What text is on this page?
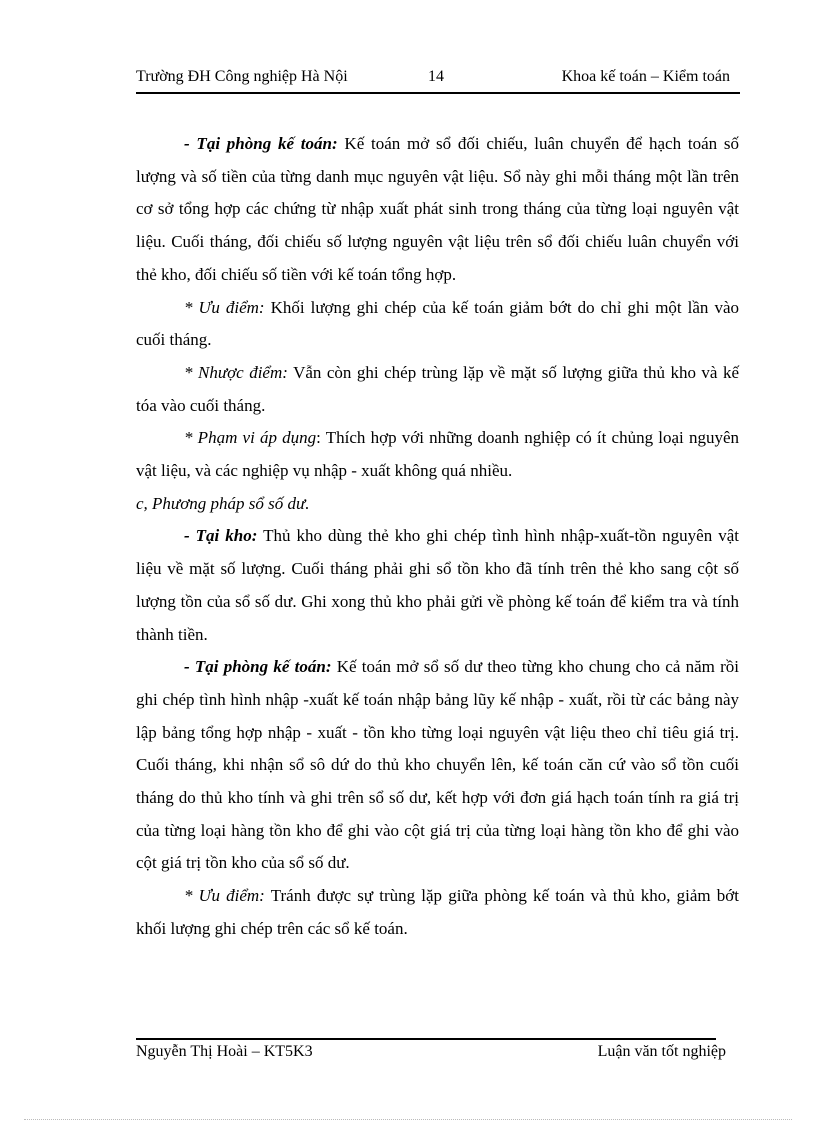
Trường ĐH Công nghiệp Hà Nội	14	Khoa kế toán – Kiểm toán

- Tại phòng kế toán: Kế toán mở sổ đối chiếu, luân chuyển để hạch toán số lượng và số tiền của từng danh mục nguyên vật liệu. Sổ này ghi mỗi tháng một lần trên cơ sở tổng hợp các chứng từ nhập xuất phát sinh trong tháng của từng loại nguyên vật liệu. Cuối tháng, đối chiếu số lượng nguyên vật liệu trên sổ đối chiếu luân chuyển với thẻ kho, đối chiếu số tiền với kế toán tổng hợp.

* Ưu điểm: Khối lượng ghi chép của kế toán giảm bớt do chỉ ghi một lần vào cuối tháng.

* Nhược điểm: Vẫn còn ghi chép trùng lặp về mặt số lượng giữa thủ kho và kế tóa vào cuối tháng.

* Phạm vi áp dụng: Thích hợp với những doanh nghiệp có ít chủng loại nguyên vật liệu, và các nghiệp vụ nhập - xuất không quá nhiều.

c, Phương pháp sổ số dư.

- Tại kho: Thủ kho dùng thẻ kho ghi chép tình hình nhập-xuất-tồn nguyên vật liệu về mặt số lượng. Cuối tháng phải ghi sổ tồn kho đã tính trên thẻ kho sang cột số lượng tồn của sổ số dư. Ghi xong thủ kho phải gửi về phòng kế toán để kiểm tra và tính thành tiền.

- Tại phòng kế toán: Kế toán mở sổ số dư theo từng kho chung cho cả năm rồi ghi chép tình hình nhập -xuất kế toán nhập bảng lũy kế nhập - xuất, rồi từ các bảng này lập bảng tổng hợp nhập - xuất - tồn kho từng loại nguyên vật liệu theo chỉ tiêu giá trị. Cuối tháng, khi nhận sổ sô dứ do thủ kho chuyển lên, kế toán căn cứ vào sổ tồn cuối tháng do thủ kho tính và ghi trên sổ số dư, kết hợp với đơn giá hạch toán tính ra giá trị của từng loại hàng tồn kho để ghi vào cột giá trị của từng loại hàng tồn kho để ghi vào cột giá trị tồn kho của sổ số dư.

* Ưu điểm: Tránh được sự trùng lặp giữa phòng kế toán và thủ kho, giảm bớt khối lượng ghi chép trên các sổ kế toán.

Nguyễn Thị Hoài – KT5K3	Luận văn tốt nghiệp
